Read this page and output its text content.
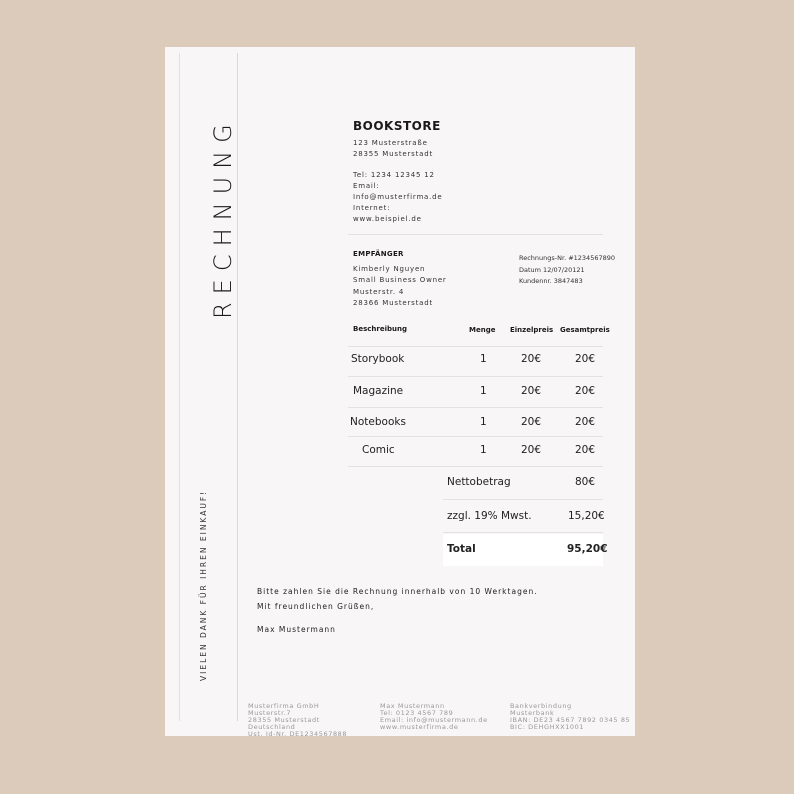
RECHNUNG
VIELEN DANK FÜR IHREN EINKAUF!
BOOKSTORE
123 Musterstraße
28355 Musterstadt
Tel: 1234 12345 12
Email:
Info@musterfirma.de
Internet:
www.beispiel.de
EMPFÄNGER
Kimberly Nguyen
Small Business Owner
Musterstr. 4
28366 Musterstadt
Rechnungs-Nr. #1234567890
Datum 12/07/20121
Kundennr. 3847483
Beschreibung	Menge Einzelpreis Gesamtpreis
Storybook	1	20€	20€
Magazine	1	20€	20€
Notebooks	1	20€	20€
Comic	1	20€	20€
Nettobetrag	80€
zzgl. 19% Mwst.	15,20€
Total	95,20€
Bitte zahlen Sie die Rechnung innerhalb von 10 Werktagen.
Mit freundlichen Grüßen,
Max Mustermann
Musterfirma GmbH
Musterstr.7
28355 Musterstadt
Deutschland
Ust. Id-Nr. DE1234567888
Max Mustermann
Tel: 0123 4567 789
Email: info@mustermann.de
www.musterfirma.de
Bankverbindung
Musterbank
IBAN: DE23 4567 7892 0345 85
BIC: DEHGHXX1001
